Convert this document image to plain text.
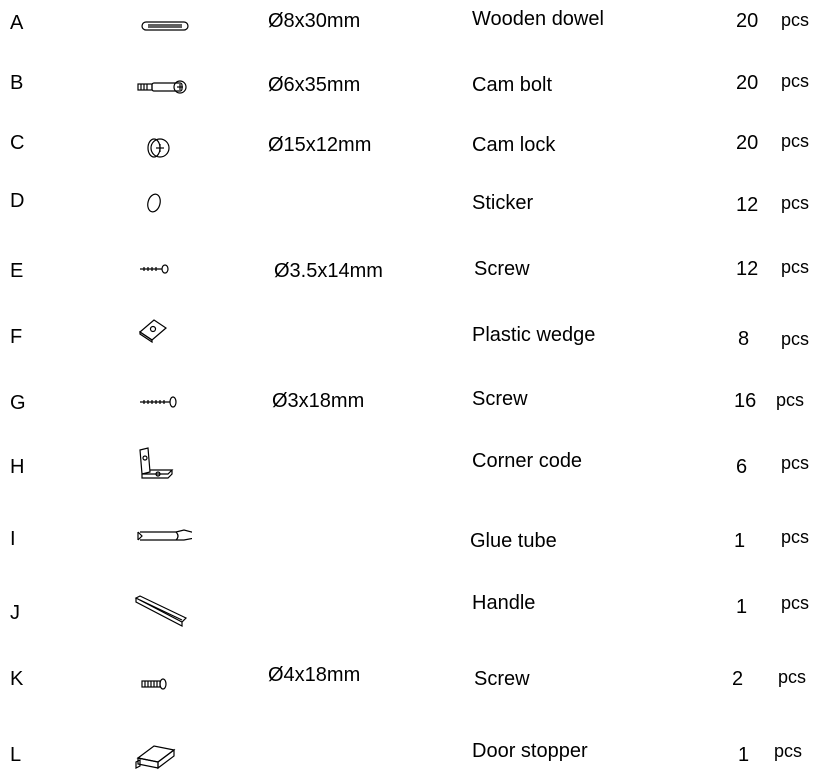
A	Ø8x30mm	Wooden dowel	20 pcs
B	Ø6x35mm	Cam bolt	20 pcs
C	Ø15x12mm	Cam lock	20 pcs
D	Sticker	12 pcs
E	Ø3.5x14mm	Screw	12 pcs
F	Plastic wedge	8 pcs
G	Ø3x18mm	Screw	16 pcs
H	Corner code	6 pcs
I	Glue tube	1 pcs
J	Handle	1 pcs
K	Ø4x18mm	Screw	2 pcs
L	Door stopper	1 pcs
